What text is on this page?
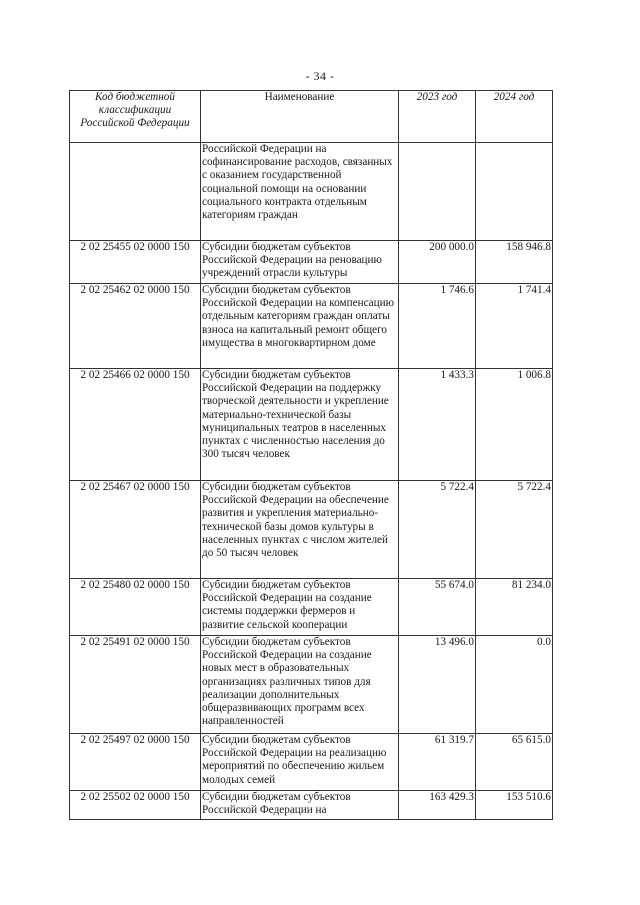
- 34 -
Код бюджетной классификации Российской Федерации	Наименование	2023 год	2024 год
	Российской Федерации на софинансирование расходов, связанных с оказанием государственной социальной помощи на основании социального контракта отдельным категориям граждан		
2 02 25455 02 0000 150	Субсидии бюджетам субъектов Российской Федерации на реновацию учреждений отрасли культуры	200 000.0	158 946.8
2 02 25462 02 0000 150	Субсидии бюджетам субъектов Российской Федерации на компенсацию отдельным категориям граждан оплаты взноса на капитальный ремонт общего имущества в многоквартирном доме	1 746.6	1 741.4
2 02 25466 02 0000 150	Субсидии бюджетам субъектов Российской Федерации на поддержку творческой деятельности и укрепление материально-технической базы муниципальных театров в населенных пунктах с численностью населения до 300 тысяч человек	1 433.3	1 006.8
2 02 25467 02 0000 150	Субсидии бюджетам субъектов Российской Федерации на обеспечение развития и укрепления материально-технической базы домов культуры в населенных пунктах с числом жителей до 50 тысяч человек	5 722.4	5 722.4
2 02 25480 02 0000 150	Субсидии бюджетам субъектов Российской Федерации на создание системы поддержки фермеров и развитие сельской кооперации	55 674.0	81 234.0
2 02 25491 02 0000 150	Субсидии бюджетам субъектов Российской Федерации на создание новых мест в образовательных организациях различных типов для реализации дополнительных общеразвивающих программ всех направленностей	13 496.0	0.0
2 02 25497 02 0000 150	Субсидии бюджетам субъектов Российской Федерации на реализацию мероприятий по обеспечению жильем молодых семей	61 319.7	65 615.0
2 02 25502 02 0000 150	Субсидии бюджетам субъектов Российской Федерации на	163 429.3	153 510.6
